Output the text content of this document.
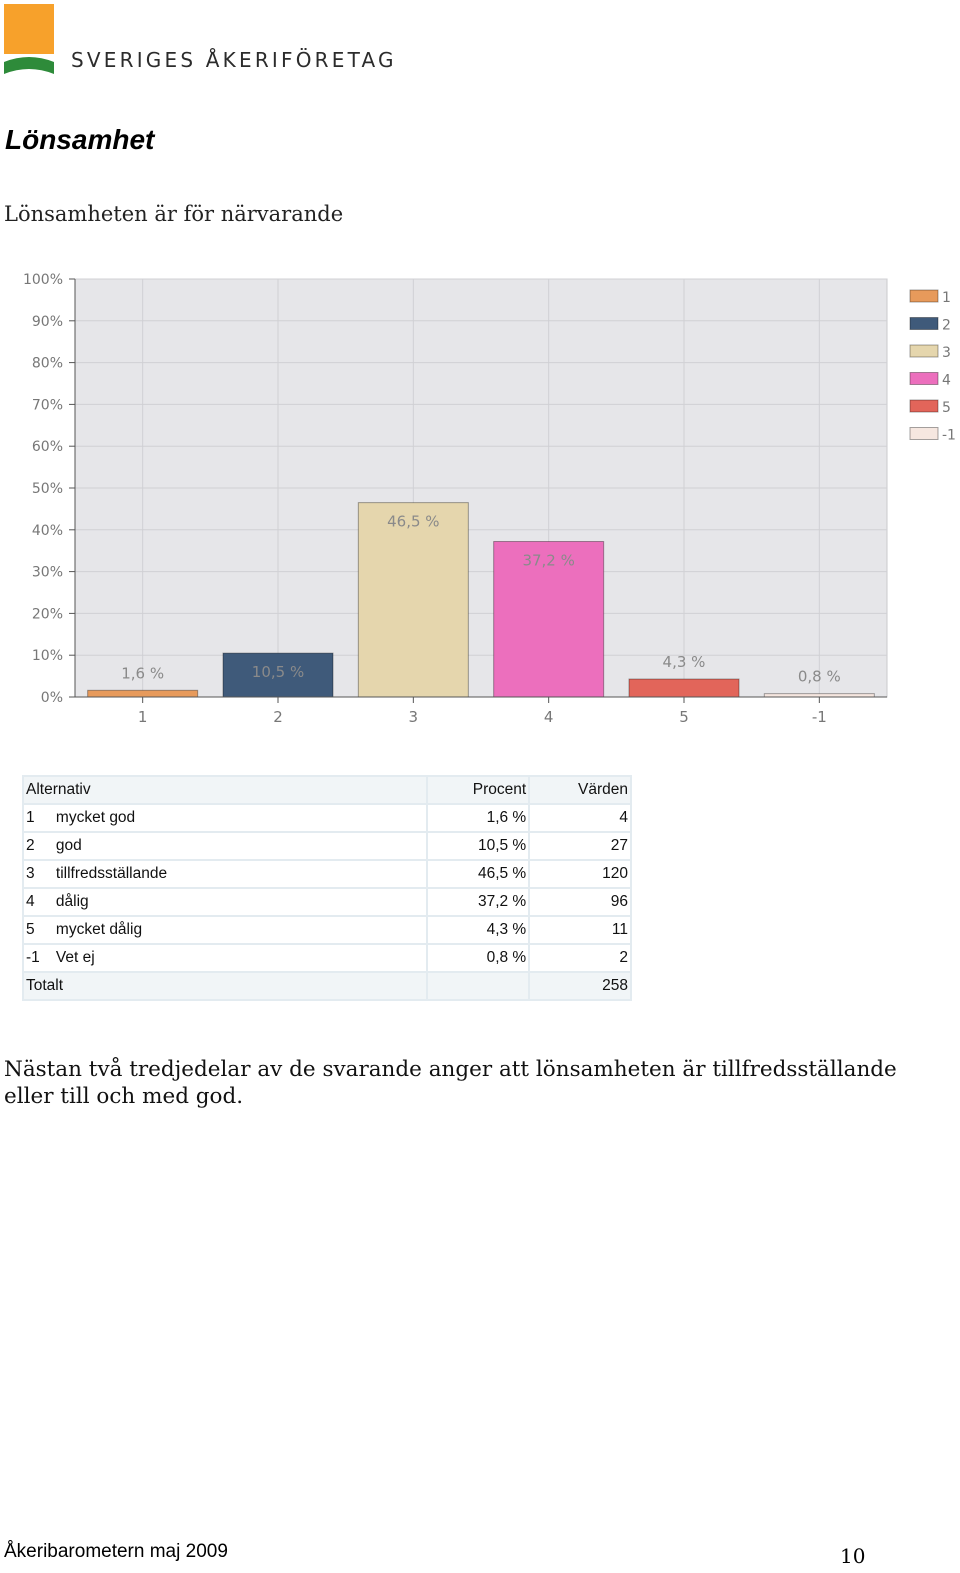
SVERIGES ÅKERIFÖRETAG
Lönsamhet
Lönsamheten är för närvarande
1,6 %	10,5 %
46,5 %
37,2 %
4,3 %
0,8 %
0%
10%
20%
30%
40%
50%
60%
70%
80%
90%
100%
1	2	3	4	5	-1
1
2
3
4
5
-1
Alternativ		Procent	Värden
1	mycket god	1,6 %	4
2	god	10,5 %	27
3	tillfredsställande	46,5 %	120
4	dålig	37,2 %	96
5	mycket dålig	4,3 %	11
-1	Vet ej	0,8 %	2
Totalt			258
Nästan två tredjedelar av de svarande anger att lönsamheten är tillfredsställande eller till och med god.
Åkeribarometern maj 2009	10
